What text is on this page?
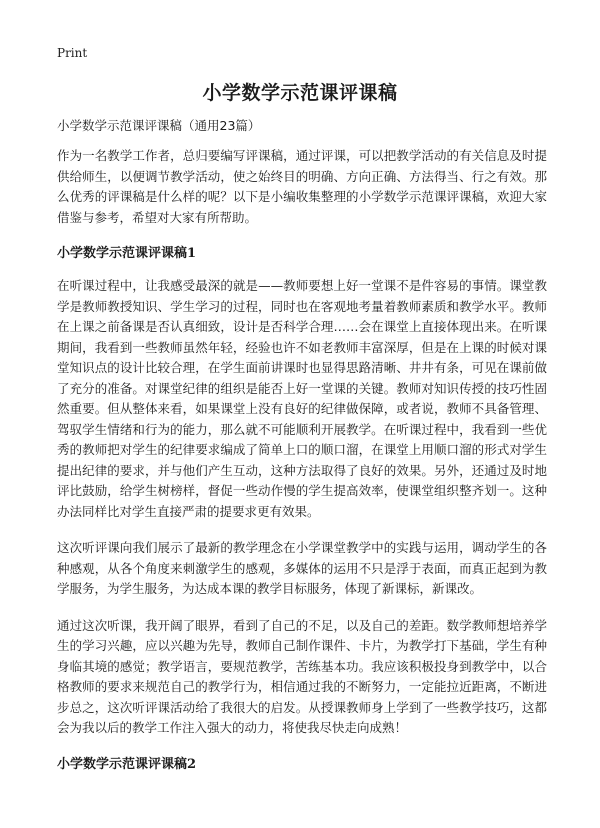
Print
小学数学示范课评课稿

小学数学示范课评课稿（通用23篇）

作为一名教学工作者，总归要编写评课稿，通过评课，可以把教学活动的有关信息及时提供给师生，以便调节教学活动，使之始终目的明确、方向正确、方法得当、行之有效。那么优秀的评课稿是什么样的呢？以下是小编收集整理的小学数学示范课评课稿，欢迎大家借鉴与参考，希望对大家有所帮助。

小学数学示范课评课稿1

在听课过程中，让我感受最深的就是——教师要想上好一堂课不是件容易的事情。课堂教学是教师教授知识、学生学习的过程，同时也在客观地考量着教师素质和教学水平。教师在上课之前备课是否认真细致，设计是否科学合理……会在课堂上直接体现出来。在听课期间，我看到一些教师虽然年轻，经验也许不如老教师丰富深厚，但是在上课的时候对课堂知识点的设计比较合理，在学生面前讲课时也显得思路清晰、井井有条，可见在课前做了充分的准备。对课堂纪律的组织是能否上好一堂课的关键。教师对知识传授的技巧性固然重要。但从整体来看，如果课堂上没有良好的纪律做保障，或者说，教师不具备管理、驾驭学生情绪和行为的能力，那么就不可能顺利开展教学。在听课过程中，我看到一些优秀的教师把对学生的纪律要求编成了简单上口的顺口溜，在课堂上用顺口溜的形式对学生提出纪律的要求，并与他们产生互动，这种方法取得了良好的效果。另外，还通过及时地评比鼓励，给学生树榜样，督促一些动作慢的学生提高效率，使课堂组织整齐划一。这种办法同样比对学生直接严肃的提要求更有效果。

这次听评课向我们展示了最新的教学理念在小学课堂教学中的实践与运用，调动学生的各种感观，从各个角度来刺激学生的感观，多媒体的运用不只是浮于表面，而真正起到为教学服务，为学生服务，为达成本课的教学目标服务，体现了新课标，新课改。

通过这次听课，我开阔了眼界，看到了自己的不足，以及自己的差距。数学教师想培养学生的学习兴趣，应以兴趣为先导，教师自己制作课件、卡片，为教学打下基础，学生有种身临其境的感觉；教学语言，要规范教学，苦练基本功。我应该积极投身到教学中，以合格教师的要求来规范自己的教学行为，相信通过我的不断努力，一定能拉近距离，不断进步总之，这次听评课活动给了我很大的启发。从授课教师身上学到了一些教学技巧，这都会为我以后的教学工作注入强大的动力，将使我尽快走向成熟！

小学数学示范课评课稿2
